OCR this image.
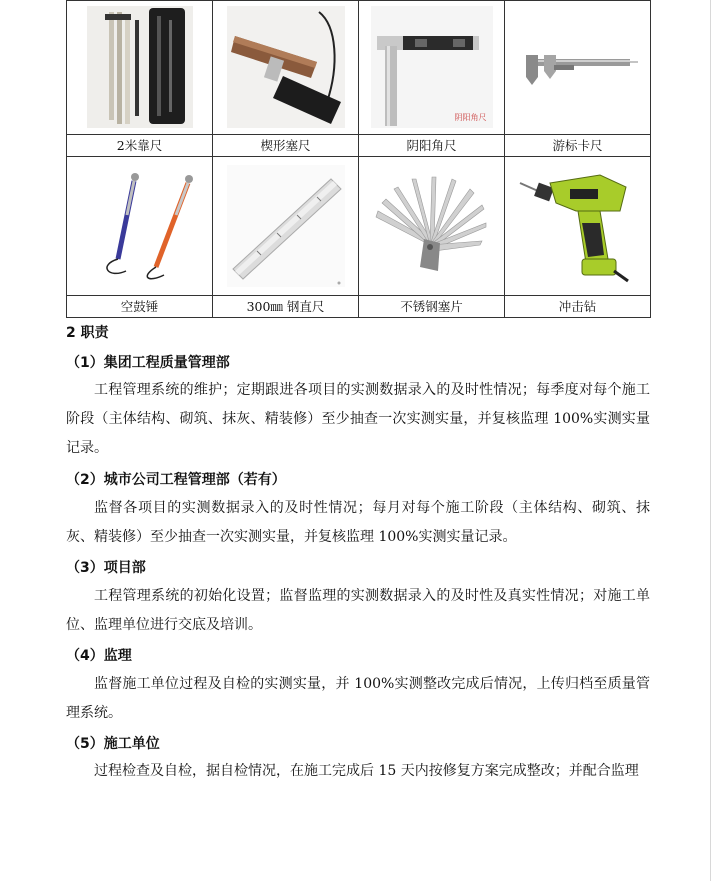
阴阳角尺

2米靠尺	楔形塞尺	阴阳角尺	游标卡尺

空鼓锤	300㎜ 钢直尺	不锈钢塞片	冲击钻
2 职责
（1）集团工程质量管理部
工程管理系统的维护；定期跟进各项目的实测数据录入的及时性情况；每季度对每个施工阶段（主体结构、砌筑、抹灰、精装修）至少抽查一次实测实量，并复核监理 100%实测实量记录。
（2）城市公司工程管理部（若有）
监督各项目的实测数据录入的及时性情况；每月对每个施工阶段（主体结构、砌筑、抹灰、精装修）至少抽查一次实测实量，并复核监理 100%实测实量记录。
（3）项目部
工程管理系统的初始化设置；监督监理的实测数据录入的及时性及真实性情况；对施工单位、监理单位进行交底及培训。
（4）监理
监督施工单位过程及自检的实测实量，并 100%实测整改完成后情况，上传归档至质量管理系统。
（5）施工单位
过程检查及自检，据自检情况，在施工完成后 15 天内按修复方案完成整改；并配合监理
